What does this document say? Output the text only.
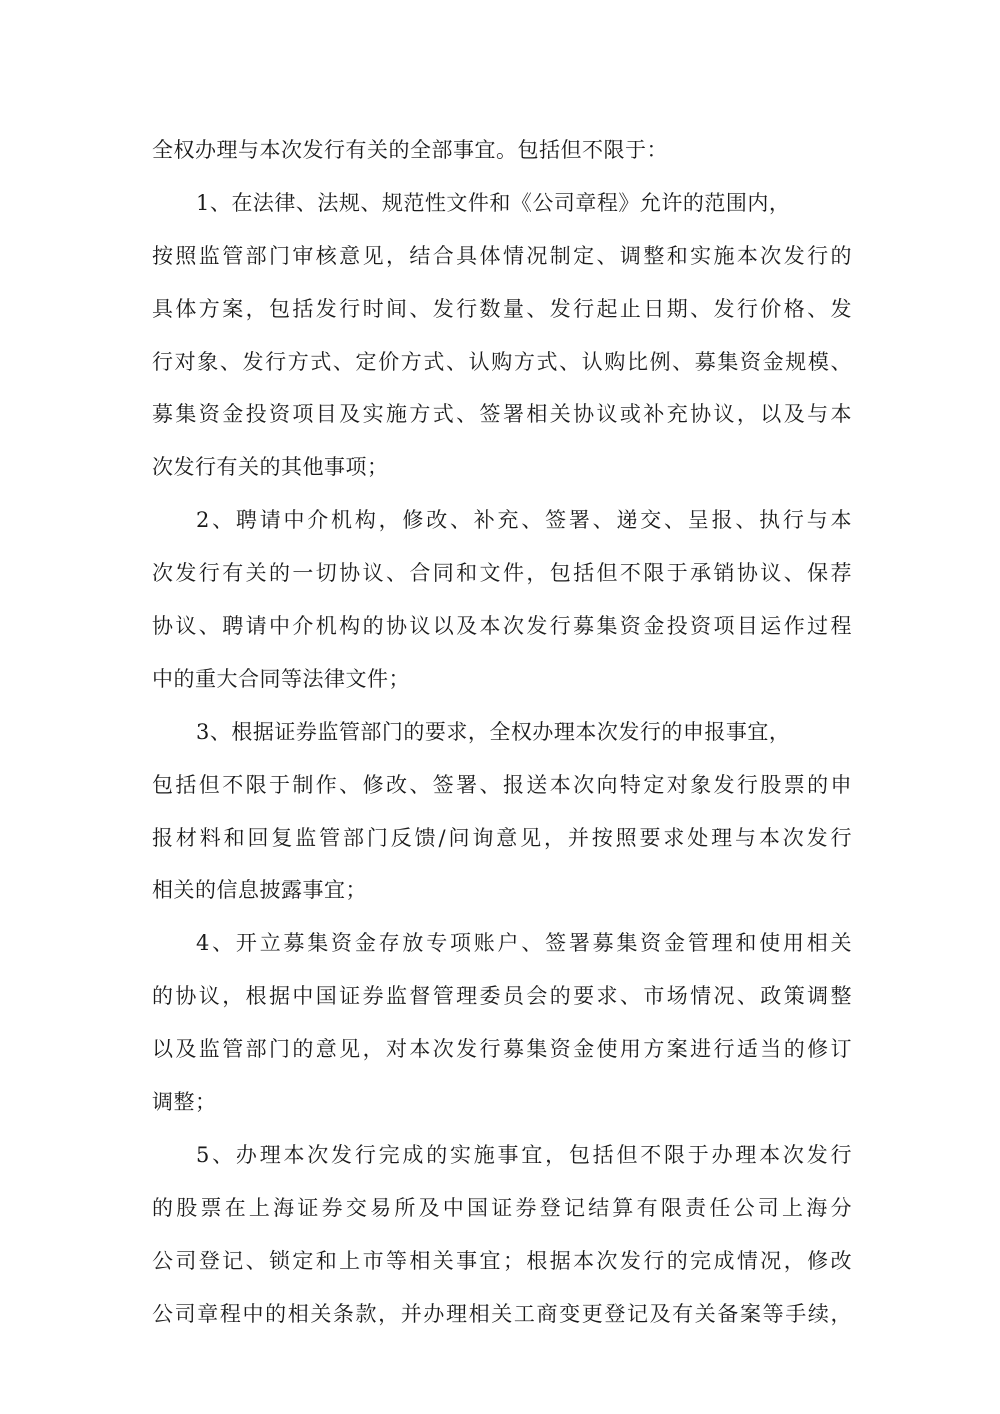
全权办理与本次发行有关的全部事宜。包括但不限于：
1、在法律、法规、规范性文件和《公司章程》允许的范围内，
按照监管部门审核意见，结合具体情况制定、调整和实施本次发行的
具体方案，包括发行时间、发行数量、发行起止日期、发行价格、发
行对象、发行方式、定价方式、认购方式、认购比例、募集资金规模、
募集资金投资项目及实施方式、签署相关协议或补充协议，以及与本
次发行有关的其他事项；
2、聘请中介机构，修改、补充、签署、递交、呈报、执行与本
次发行有关的一切协议、合同和文件，包括但不限于承销协议、保荐
协议、聘请中介机构的协议以及本次发行募集资金投资项目运作过程
中的重大合同等法律文件；
3、根据证券监管部门的要求，全权办理本次发行的申报事宜，
包括但不限于制作、修改、签署、报送本次向特定对象发行股票的申
报材料和回复监管部门反馈/问询意见，并按照要求处理与本次发行
相关的信息披露事宜；
4、开立募集资金存放专项账户、签署募集资金管理和使用相关
的协议，根据中国证券监督管理委员会的要求、市场情况、政策调整
以及监管部门的意见，对本次发行募集资金使用方案进行适当的修订
调整；
5、办理本次发行完成的实施事宜，包括但不限于办理本次发行
的股票在上海证券交易所及中国证券登记结算有限责任公司上海分
公司登记、锁定和上市等相关事宜；根据本次发行的完成情况，修改
公司章程中的相关条款，并办理相关工商变更登记及有关备案等手续，
